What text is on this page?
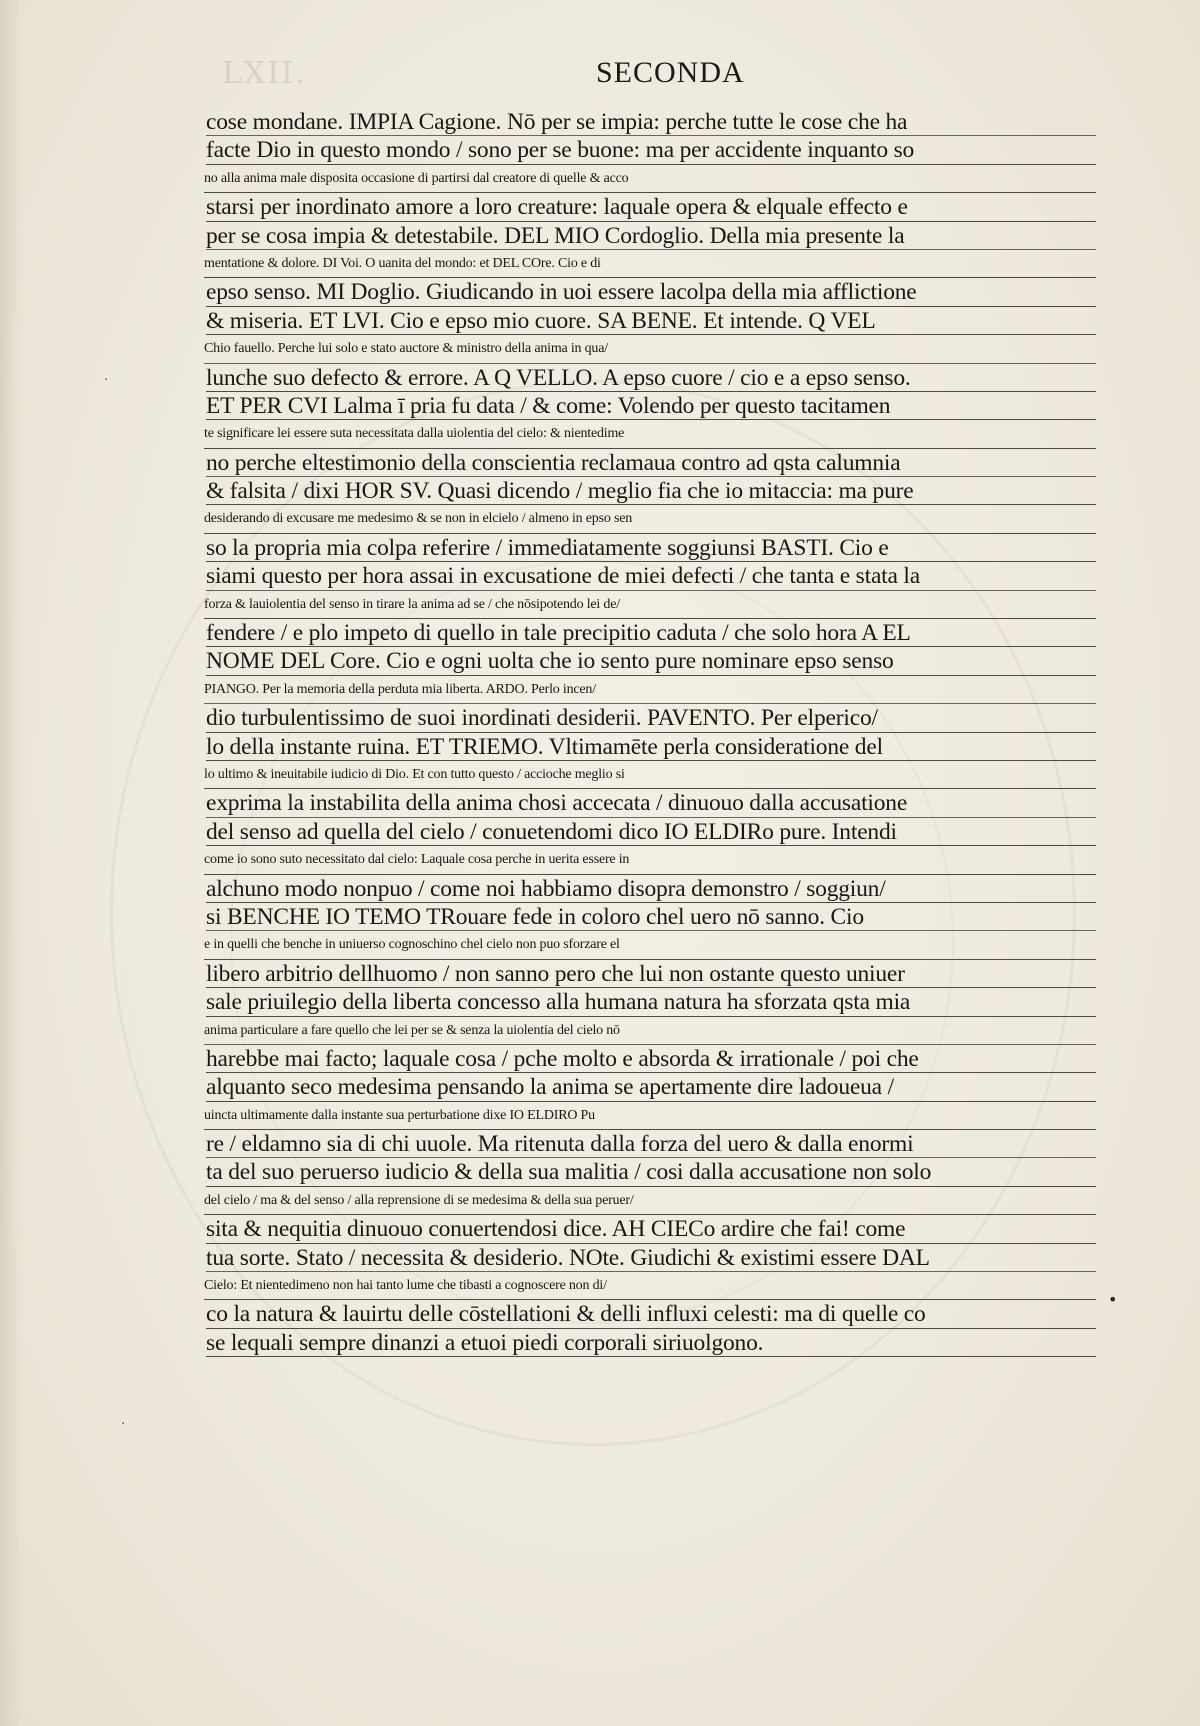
LXII.	SECONDA
cose mondane. IMPIA Cagione. Nō per se impia: perche tutte le cose che ha
facte Dio in questo mondo / sono per se buone: ma per accidente inquanto so
no alla anima male disposita occasione di partirsi dal creatore di quelle & acco
starsi per inordinato amore a loro creature: laquale opera & elquale effecto e
per se cosa impia & detestabile. DEL MIO Cordoglio. Della mia presente la
mentatione & dolore. DI Voi. O uanita del mondo: et DEL COre. Cio e di
epso senso. MI Doglio. Giudicando in uoi essere lacolpa della mia afflictione
& miseria. ET LVI. Cio e epso mio cuore. SA BENE. Et intende. Q VEL
Chio fauello. Perche lui solo e stato auctore & ministro della anima in qua/
lunche suo defecto & errore. A Q VELLO. A epso cuore / cio e a epso senso.
ET PER CVI Lalma ī pria fu data / & come: Volendo per questo tacitamen
te significare lei essere suta necessitata dalla uiolentia del cielo: & nientedime
no perche eltestimonio della conscientia reclamaua contro ad qsta calumnia
& falsita / dixi HOR SV. Quasi dicendo / meglio fia che io mitaccia: ma pure
desiderando di excusare me medesimo & se non in elcielo / almeno in epso sen
so la propria mia colpa referire / immediatamente soggiunsi BASTI. Cio e
siami questo per hora assai in excusatione de miei defecti / che tanta e stata la
forza & lauiolentia del senso in tirare la anima ad se / che nōsipotendo lei de/
fendere / e plo impeto di quello in tale precipitio caduta / che solo hora A EL
NOME DEL Core. Cio e ogni uolta che io sento pure nominare epso senso
PIANGO. Per la memoria della perduta mia liberta. ARDO. Perlo incen/
dio turbulentissimo de suoi inordinati desiderii. PAVENTO. Per elperico/
lo della instante ruina. ET TRIEMO. Vltimamēte perla consideratione del
lo ultimo & ineuitabile iudicio di Dio. Et con tutto questo / accioche meglio si
exprima la instabilita della anima chosi accecata / dinuouo dalla accusatione
del senso ad quella del cielo / conuetendomi dico IO ELDIRo pure. Intendi
come io sono suto necessitato dal cielo: Laquale cosa perche in uerita essere in
alchuno modo nonpuo / come noi habbiamo disopra demonstro / soggiun/
si BENCHE IO TEMO TRouare fede in coloro chel uero nō sanno. Cio
e in quelli che benche in uniuerso cognoschino chel cielo non puo sforzare el
libero arbitrio dellhuomo / non sanno pero che lui non ostante questo uniuer
sale priuilegio della liberta concesso alla humana natura ha sforzata qsta mia
anima particulare a fare quello che lei per se & senza la uiolentia del cielo nō
harebbe mai facto; laquale cosa / pche molto e absorda & irrationale / poi che
alquanto seco medesima pensando la anima se apertamente dire ladoueua /
uincta ultimamente dalla instante sua perturbatione dixe IO ELDIRO Pu
re / eldamno sia di chi uuole. Ma ritenuta dalla forza del uero & dalla enormi
ta del suo peruerso iudicio & della sua malitia / cosi dalla accusatione non solo
del cielo / ma & del senso / alla reprensione di se medesima & della sua peruer/
sita & nequitia dinuouo conuertendosi dice. AH CIECo ardire che fai! come
tua sorte. Stato / necessita & desiderio. NOte. Giudichi & existimi essere DAL
Cielo: Et nientedimeno non hai tanto lume che tibasti a cognoscere non di/
co la natura & lauirtu delle cōstellationi & delli influxi celesti: ma di quelle co
se lequali sempre dinanzi a etuoi piedi corporali siriuolgono.
·
·
•
